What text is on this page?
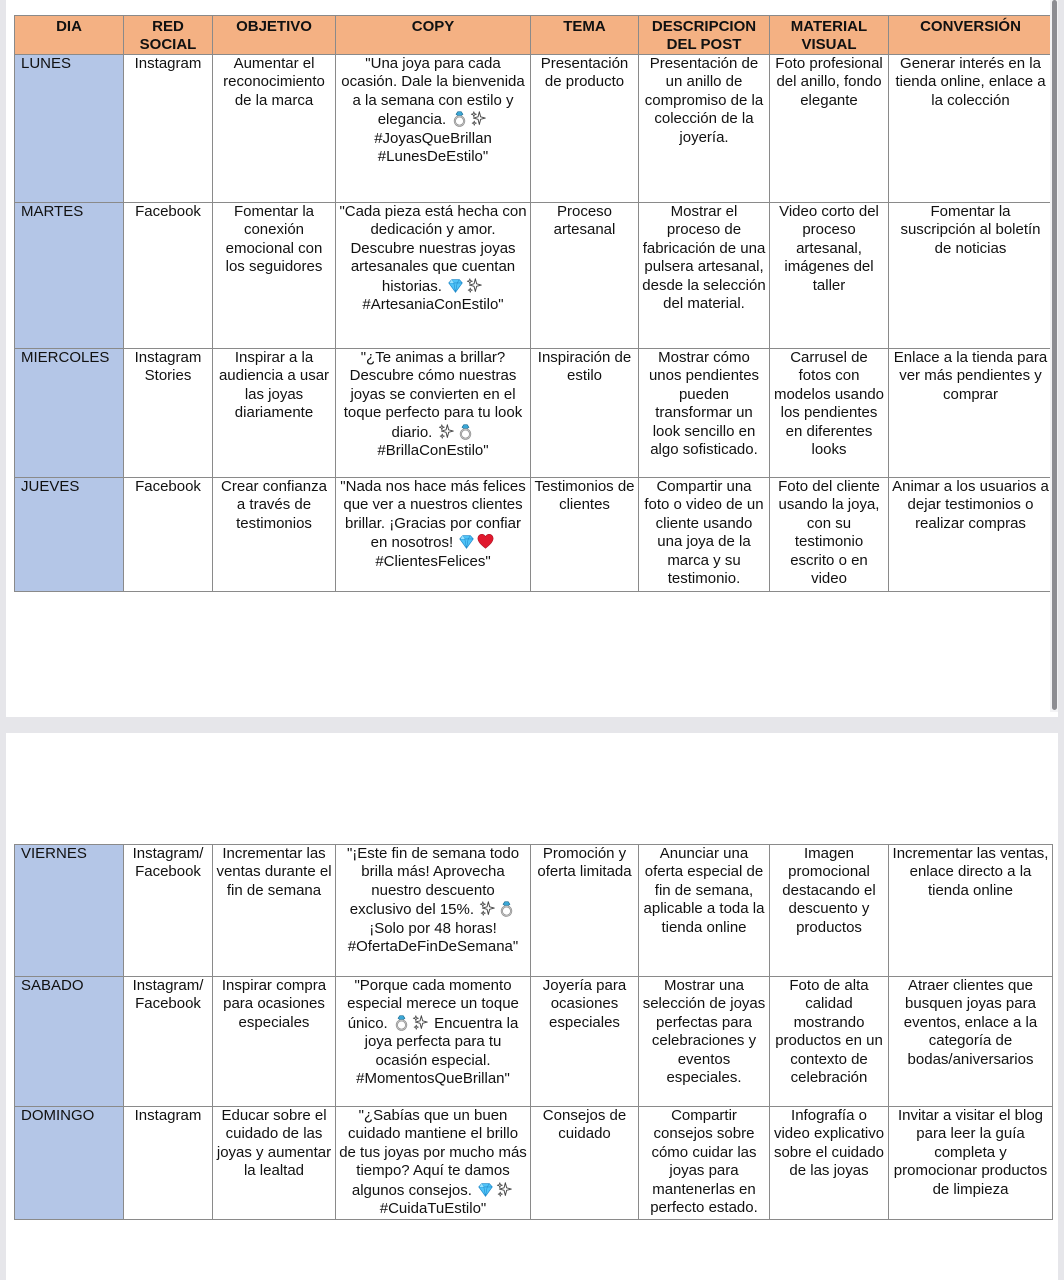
DIA	RED
SOCIAL	OBJETIVO	COPY	TEMA	DESCRIPCION
DEL POST	MATERIAL
VISUAL	CONVERSIÓN
LUNES	Instagram	Aumentar el reconocimiento de la marca	"Una joya para cada ocasión. Dale la bienvenida a la semana con estilo y elegancia.
#JoyasQueBrillan #LunesDeEstilo"	Presentación de producto	Presentación de un anillo de compromiso de la colección de la joyería.	Foto profesional del anillo, fondo elegante	Generar interés en la tienda online, enlace a la colección
MARTES	Facebook	Fomentar la conexión emocional con los seguidores	"Cada pieza está hecha con dedicación y amor. Descubre nuestras joyas artesanales que cuentan historias.
#ArtesaniaConEstilo"	Proceso artesanal	Mostrar el proceso de fabricación de una pulsera artesanal, desde la selección del material.	Video corto del proceso artesanal, imágenes del taller	Fomentar la suscripción al boletín de noticias
MIERCOLES	Instagram Stories	Inspirar a la audiencia a usar las joyas diariamente	"¿Te animas a brillar? Descubre cómo nuestras joyas se convierten en el toque perfecto para tu look diario.
#BrillaConEstilo"	Inspiración de estilo	Mostrar cómo unos pendientes pueden transformar un look sencillo en algo sofisticado.	Carrusel de fotos con modelos usando los pendientes en diferentes looks	Enlace a la tienda para ver más pendientes y comprar
JUEVES	Facebook	Crear confianza a través de testimonios	"Nada nos hace más felices que ver a nuestros clientes brillar. ¡Gracias por confiar en nosotros!
#ClientesFelices"	Testimonios de clientes	Compartir una foto o video de un cliente usando una joya de la marca y su testimonio.	Foto del cliente usando la joya, con su testimonio escrito o en video	Animar a los usuarios a dejar testimonios o realizar compras
VIERNES	Instagram/ Facebook	Incrementar las ventas durante el fin de semana	"¡Este fin de semana todo brilla más! Aprovecha nuestro descuento exclusivo del 15%.
¡Solo por 48 horas! #OfertaDeFinDeSemana"	Promoción y oferta limitada	Anunciar una oferta especial de fin de semana, aplicable a toda la tienda online	Imagen promocional destacando el descuento y productos	Incrementar las ventas, enlace directo a la tienda online
SABADO	Instagram/ Facebook	Inspirar compra para ocasiones especiales	"Porque cada momento especial merece un toque único. Encuentra la joya perfecta para tu ocasión especial. #MomentosQueBrillan"	Joyería para ocasiones especiales	Mostrar una selección de joyas perfectas para celebraciones y eventos especiales.	Foto de alta calidad mostrando productos en un contexto de celebración	Atraer clientes que busquen joyas para eventos, enlace a la categoría de bodas/aniversarios
DOMINGO	Instagram	Educar sobre el cuidado de las joyas y aumentar la lealtad	"¿Sabías que un buen cuidado mantiene el brillo de tus joyas por mucho más tiempo? Aquí te damos algunos consejos.
#CuidaTuEstilo"	Consejos de cuidado	Compartir consejos sobre cómo cuidar las joyas para mantenerlas en perfecto estado.	Infografía o video explicativo sobre el cuidado de las joyas	Invitar a visitar el blog para leer la guía completa y promocionar productos de limpieza
